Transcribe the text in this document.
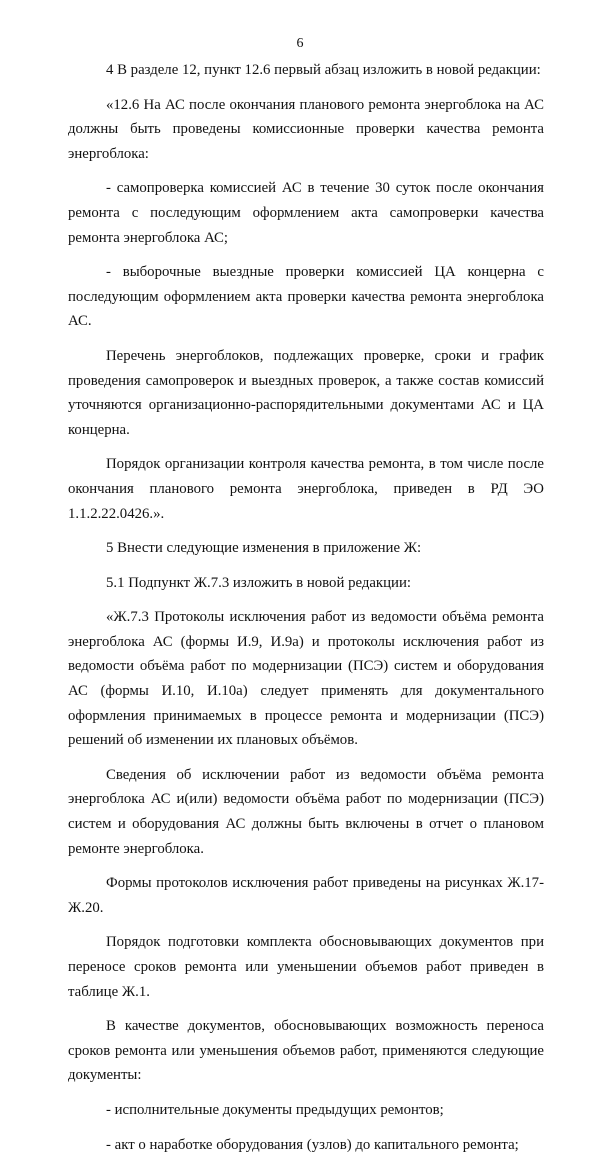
6

4 В разделе 12, пункт 12.6 первый абзац изложить в новой редакции:

«12.6 На АС после окончания планового ремонта энергоблока на АС должны быть проведены комиссионные проверки качества ремонта энергоблока:

- самопроверка комиссией АС в течение 30 суток после окончания ремонта с последующим оформлением акта самопроверки качества ремонта энергоблока АС;

- выборочные выездные проверки комиссией ЦА концерна с последующим оформлением акта проверки качества ремонта энергоблока АС.

Перечень энергоблоков, подлежащих проверке, сроки и график проведения самопроверок и выездных проверок, а также состав комиссий уточняются организационно-распорядительными документами АС и ЦА концерна.

Порядок организации контроля качества ремонта, в том числе после окончания планового ремонта энергоблока, приведен в РД ЭО 1.1.2.22.0426.».

5 Внести следующие изменения в приложение Ж:

5.1 Подпункт Ж.7.3 изложить в новой редакции:

«Ж.7.3 Протоколы исключения работ из ведомости объёма ремонта энергоблока АС (формы И.9, И.9а) и протоколы исключения работ из ведомости объёма работ по модернизации (ПСЭ) систем и оборудования АС (формы И.10, И.10а) следует применять для документального оформления принимаемых в процессе ремонта и модернизации (ПСЭ) решений об изменении их плановых объёмов.

Сведения об исключении работ из ведомости объёма ремонта энергоблока АС и(или) ведомости объёма работ по модернизации (ПСЭ) систем и оборудования АС должны быть включены в отчет о плановом ремонте энергоблока.

Формы протоколов исключения работ приведены на рисунках Ж.17-Ж.20.

Порядок подготовки комплекта обосновывающих документов при переносе сроков ремонта или уменьшении объемов работ приведен в таблице Ж.1.

В качестве документов, обосновывающих возможность переноса сроков ремонта или уменьшения объемов работ, применяются следующие документы:

- исполнительные документы предыдущих ремонтов;

- акт о наработке оборудования (узлов) до капитального ремонта;
